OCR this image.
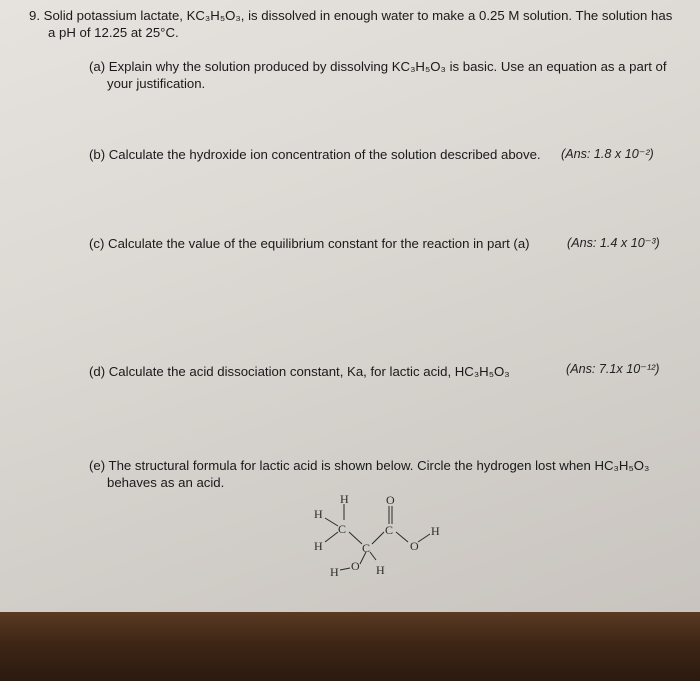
9. Solid potassium lactate, KC₃H₅O₃, is dissolved in enough water to make a 0.25 M solution. The solution has
a pH of 12.25 at 25°C.
(a) Explain why the solution produced by dissolving KC₃H₅O₃ is basic. Use an equation as a part of
your justification.
(b) Calculate the hydroxide ion concentration of the solution described above. (Ans: 1.8 x 10⁻²)
(c) Calculate the value of the equilibrium constant for the reaction in part (a)	(Ans: 1.4 x 10⁻³)
(d) Calculate the acid dissociation constant, Ka, for lactic acid, HC₃H₅O₃	(Ans: 7.1x 10⁻¹²)
(e) The structural formula for lactic acid is shown below. Circle the hydrogen lost when HC₃H₅O₃
behaves as an acid.
H
H
H
C
C
C
O
O
H
H O H
